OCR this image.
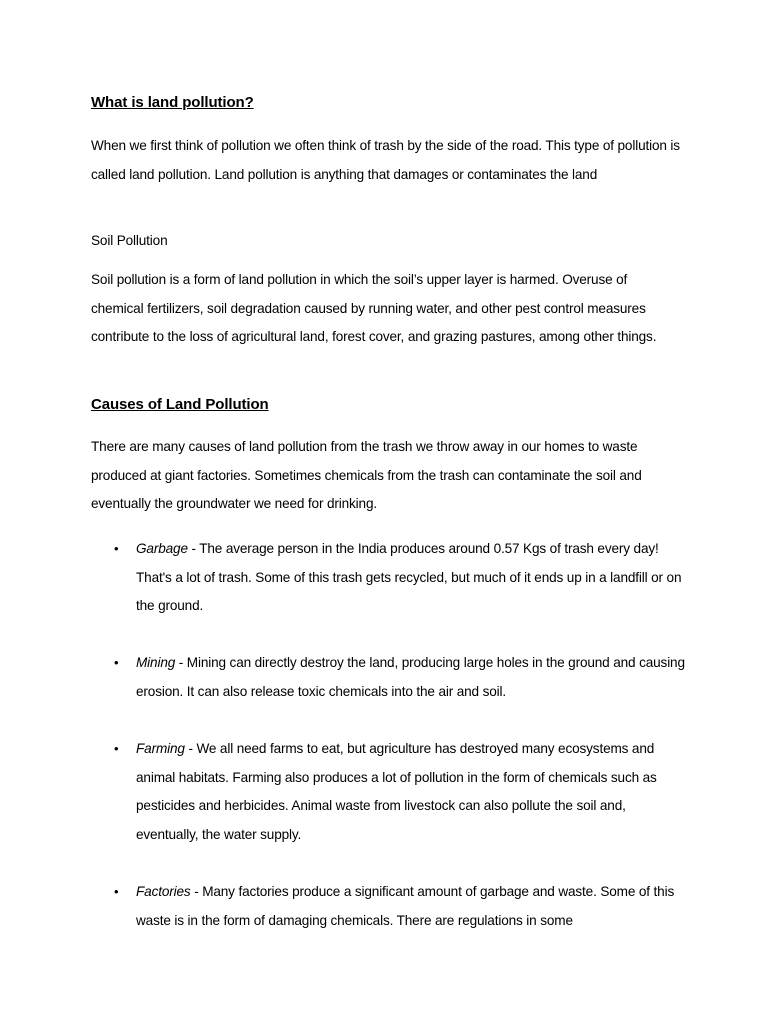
What is land pollution?

When we first think of pollution we often think of trash by the side of the road. This type of pollution is called land pollution. Land pollution is anything that damages or contaminates the land

Soil Pollution

Soil pollution is a form of land pollution in which the soil’s upper layer is harmed. Overuse of chemical fertilizers, soil degradation caused by running water, and other pest control measures contribute to the loss of agricultural land, forest cover, and grazing pastures, among other things.

Causes of Land Pollution

There are many causes of land pollution from the trash we throw away in our homes to waste produced at giant factories. Sometimes chemicals from the trash can contaminate the soil and eventually the groundwater we need for drinking.

• Garbage - The average person in the India produces around 0.57 Kgs of trash every day! That's a lot of trash. Some of this trash gets recycled, but much of it ends up in a landfill or on the ground.
• Mining - Mining can directly destroy the land, producing large holes in the ground and causing erosion. It can also release toxic chemicals into the air and soil.
• Farming - We all need farms to eat, but agriculture has destroyed many ecosystems and animal habitats. Farming also produces a lot of pollution in the form of chemicals such as pesticides and herbicides. Animal waste from livestock can also pollute the soil and, eventually, the water supply.
• Factories - Many factories produce a significant amount of garbage and waste. Some of this waste is in the form of damaging chemicals. There are regulations in some
